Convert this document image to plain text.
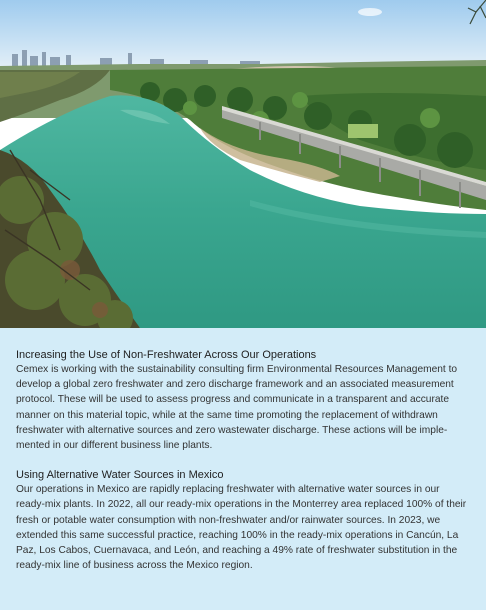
Increasing the Use of Non-Freshwater Across Our Operations

Cemex is working with the sustainability consulting firm Environmental Resources Management to develop a global zero freshwater and zero discharge framework and an associated measurement protocol. These will be used to assess progress and communicate in a transparent and accurate manner on this material topic, while at the same time promoting the replacement of withdrawn freshwater with alternative sources and zero wastewater discharge. These actions will be imple-mented in our different business line plants.

Using Alternative Water Sources in Mexico

Our operations in Mexico are rapidly replacing freshwater with alternative water sources in our ready-mix plants. In 2022, all our ready-mix operations in the Monterrey area replaced 100% of their fresh or potable water consumption with non-freshwater and/or rainwater sources. In 2023, we extended this same successful practice, reaching 100% in the ready-mix operations in Cancún, La Paz, Los Cabos, Cuernavaca, and León, and reaching a 49% rate of freshwater substitution in the ready-mix line of business across the Mexico region.
